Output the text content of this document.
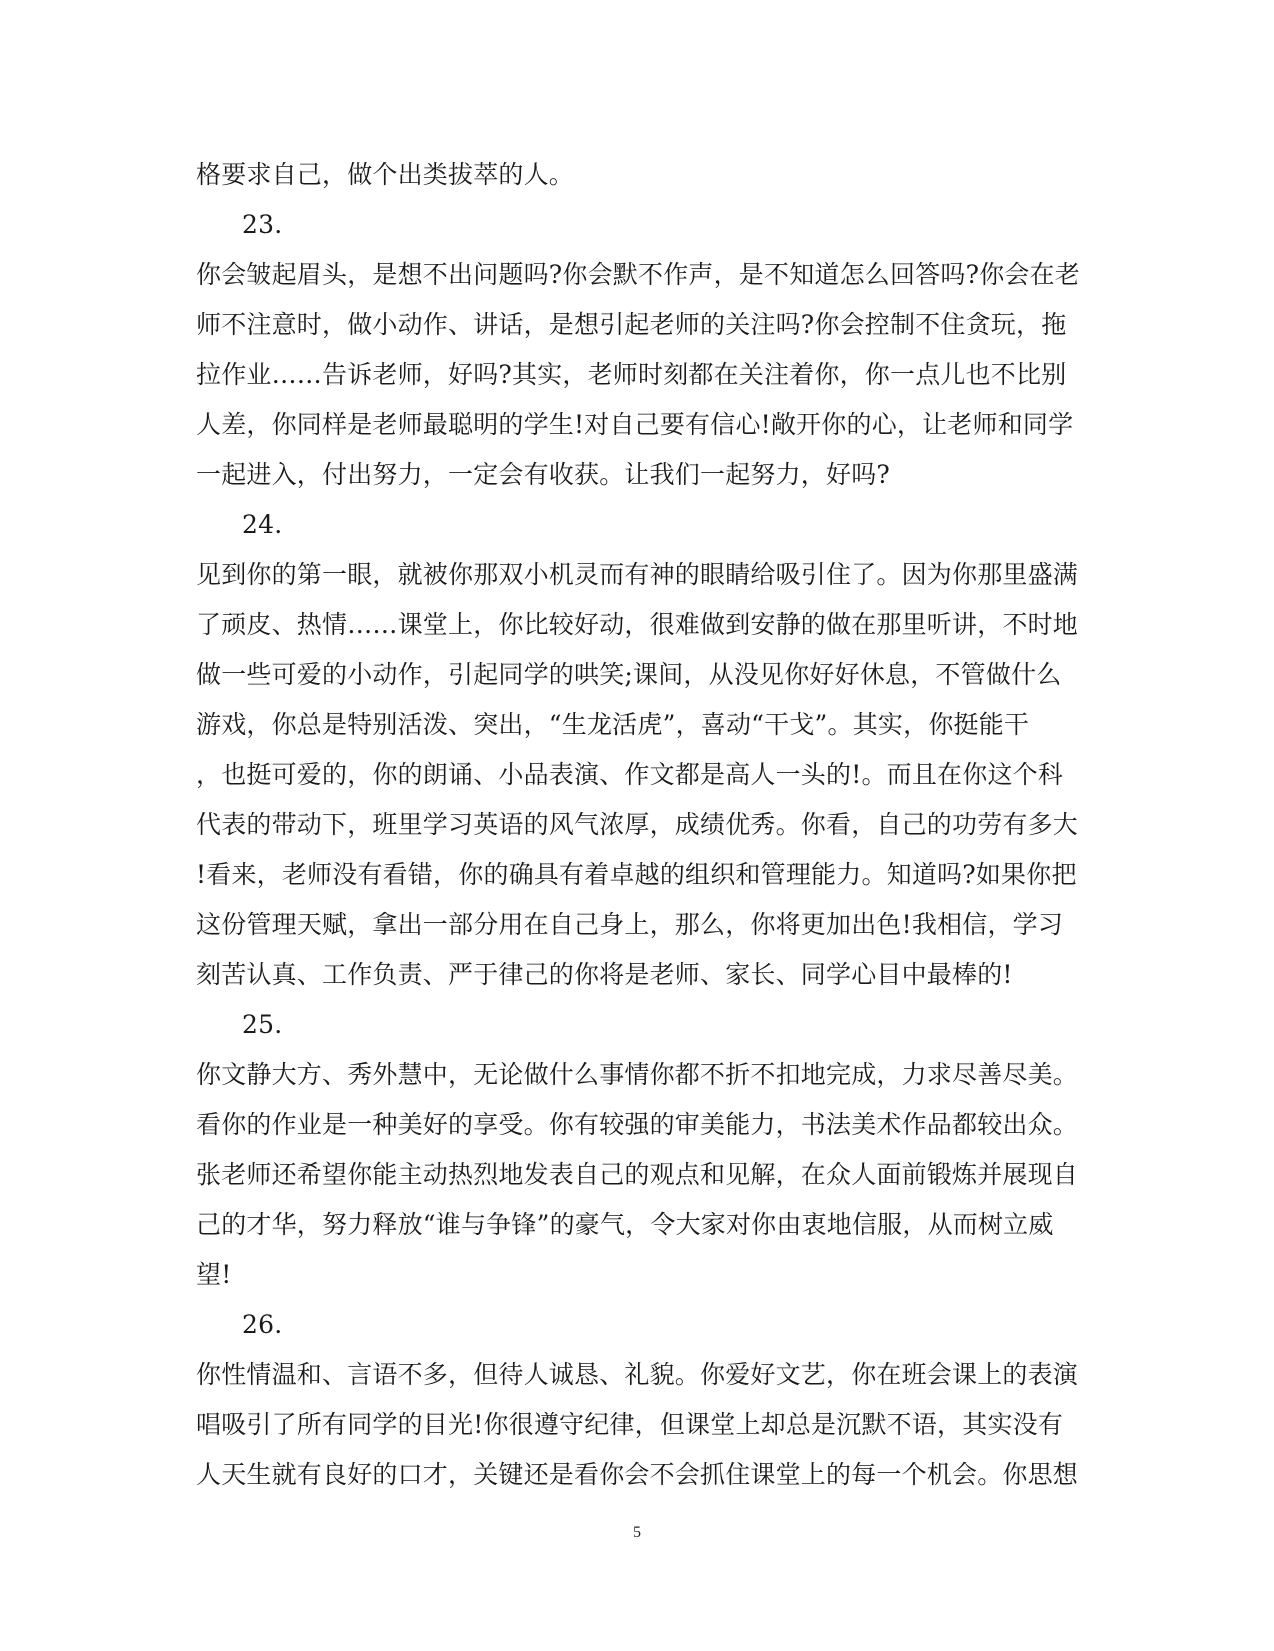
格要求自己，做个出类拔萃的人。
23.
你会皱起眉头，是想不出问题吗?你会默不作声，是不知道怎么回答吗?你会在老
师不注意时，做小动作、讲话，是想引起老师的关注吗?你会控制不住贪玩，拖
拉作业……告诉老师，好吗?其实，老师时刻都在关注着你，你一点儿也不比别
人差，你同样是老师最聪明的学生!对自己要有信心!敞开你的心，让老师和同学
一起进入，付出努力，一定会有收获。让我们一起努力，好吗?
24.
见到你的第一眼，就被你那双小机灵而有神的眼睛给吸引住了。因为你那里盛满
了顽皮、热情……课堂上，你比较好动，很难做到安静的做在那里听讲，不时地
做一些可爱的小动作，引起同学的哄笑;课间，从没见你好好休息，不管做什么
游戏，你总是特别活泼、突出，“生龙活虎”，喜动“干戈”。其实，你挺能干
，也挺可爱的，你的朗诵、小品表演、作文都是高人一头的!。而且在你这个科
代表的带动下，班里学习英语的风气浓厚，成绩优秀。你看，自己的功劳有多大
!看来，老师没有看错，你的确具有着卓越的组织和管理能力。知道吗?如果你把
这份管理天赋，拿出一部分用在自己身上，那么，你将更加出色!我相信，学习
刻苦认真、工作负责、严于律己的你将是老师、家长、同学心目中最棒的!
25.
你文静大方、秀外慧中，无论做什么事情你都不折不扣地完成，力求尽善尽美。
看你的作业是一种美好的享受。你有较强的审美能力，书法美术作品都较出众。
张老师还希望你能主动热烈地发表自己的观点和见解，在众人面前锻炼并展现自
己的才华，努力释放“谁与争锋”的豪气，令大家对你由衷地信服，从而树立威
望!
26.
你性情温和、言语不多，但待人诚恳、礼貌。你爱好文艺，你在班会课上的表演
唱吸引了所有同学的目光!你很遵守纪律，但课堂上却总是沉默不语，其实没有
人天生就有良好的口才，关键还是看你会不会抓住课堂上的每一个机会。你思想
5
